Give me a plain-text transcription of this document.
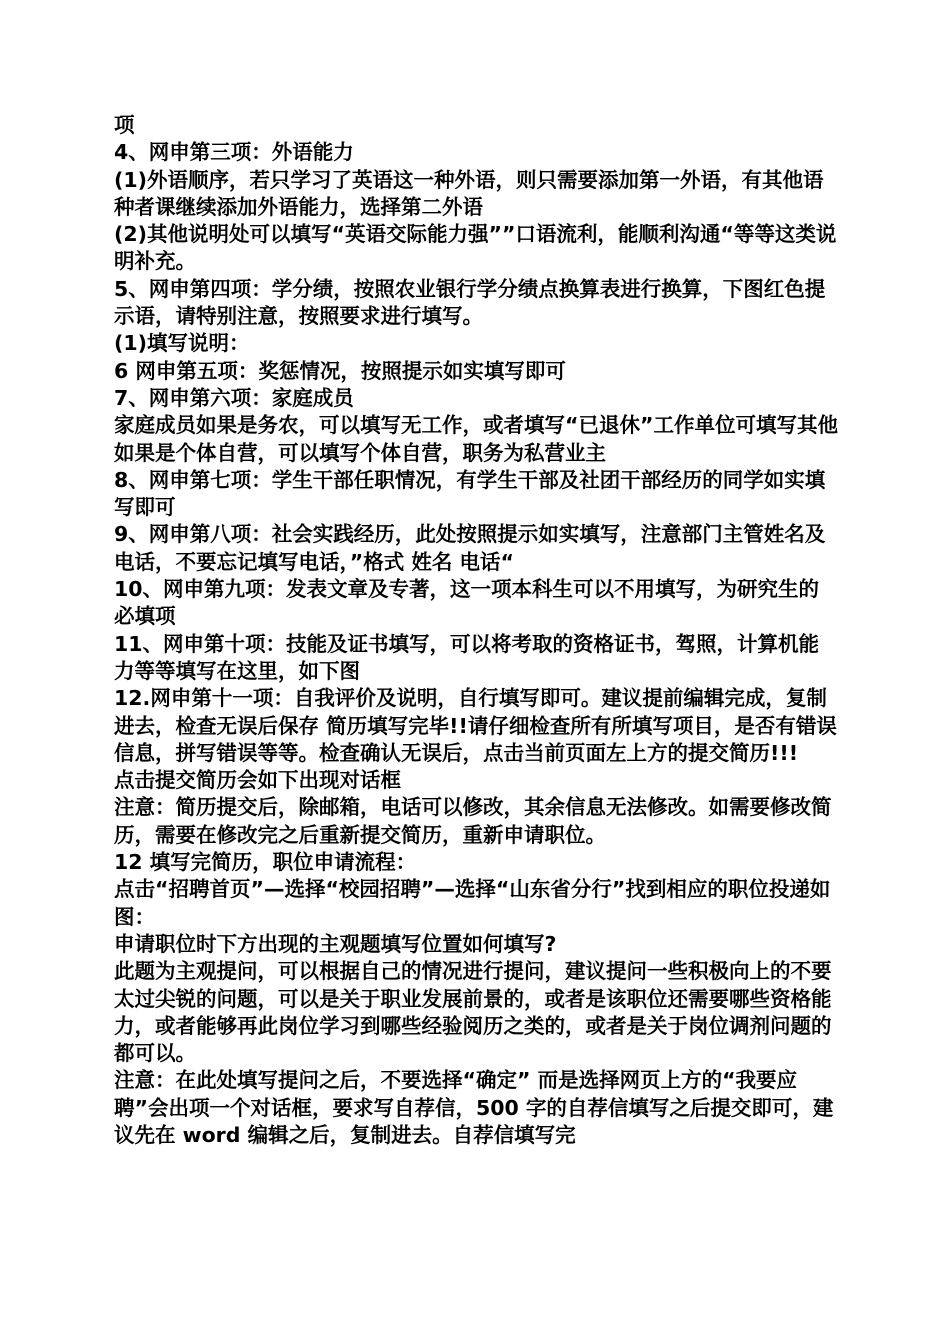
项

4、网申第三项：外语能力

(1)外语顺序，若只学习了英语这一种外语，则只需要添加第一外语，有其他语种者课继续添加外语能力，选择第二外语

(2)其他说明处可以填写“英语交际能力强””口语流利，能顺利沟通“等等这类说明补充。

5、网申第四项：学分绩，按照农业银行学分绩点换算表进行换算，下图红色提示语，请特别注意，按照要求进行填写。

(1)填写说明：

6 网申第五项：奖惩情况，按照提示如实填写即可

7、网申第六项：家庭成员

家庭成员如果是务农，可以填写无工作，或者填写“已退休”工作单位可填写其他

如果是个体自营，可以填写个体自营，职务为私营业主

8、网申第七项：学生干部任职情况，有学生干部及社团干部经历的同学如实填写即可

9、网申第八项：社会实践经历，此处按照提示如实填写，注意部门主管姓名及电话，不要忘记填写电话，”格式 姓名 电话“

10、网申第九项：发表文章及专著，这一项本科生可以不用填写，为研究生的必填项

11、网申第十项：技能及证书填写，可以将考取的资格证书，驾照，计算机能力等等填写在这里，如下图

12.网申第十一项：自我评价及说明，自行填写即可。建议提前编辑完成，复制进去，检查无误后保存 简历填写完毕!!请仔细检查所有所填写项目，是否有错误信息，拼写错误等等。检查确认无误后，点击当前页面左上方的提交简历!!!

点击提交简历会如下出现对话框

注意：简历提交后，除邮箱，电话可以修改，其余信息无法修改。如需要修改简历，需要在修改完之后重新提交简历，重新申请职位。

12 填写完简历，职位申请流程：

点击“招聘首页”—选择“校园招聘”—选择“山东省分行”找到相应的职位投递如图：

申请职位时下方出现的主观题填写位置如何填写?

此题为主观提问，可以根据自己的情况进行提问，建议提问一些积极向上的不要太过尖锐的问题，可以是关于职业发展前景的，或者是该职位还需要哪些资格能力，或者能够再此岗位学习到哪些经验阅历之类的，或者是关于岗位调剂问题的都可以。

注意：在此处填写提问之后，不要选择“确定” 而是选择网页上方的“我要应聘”会出项一个对话框，要求写自荐信，500 字的自荐信填写之后提交即可，建议先在 word 编辑之后，复制进去。自荐信填写完
